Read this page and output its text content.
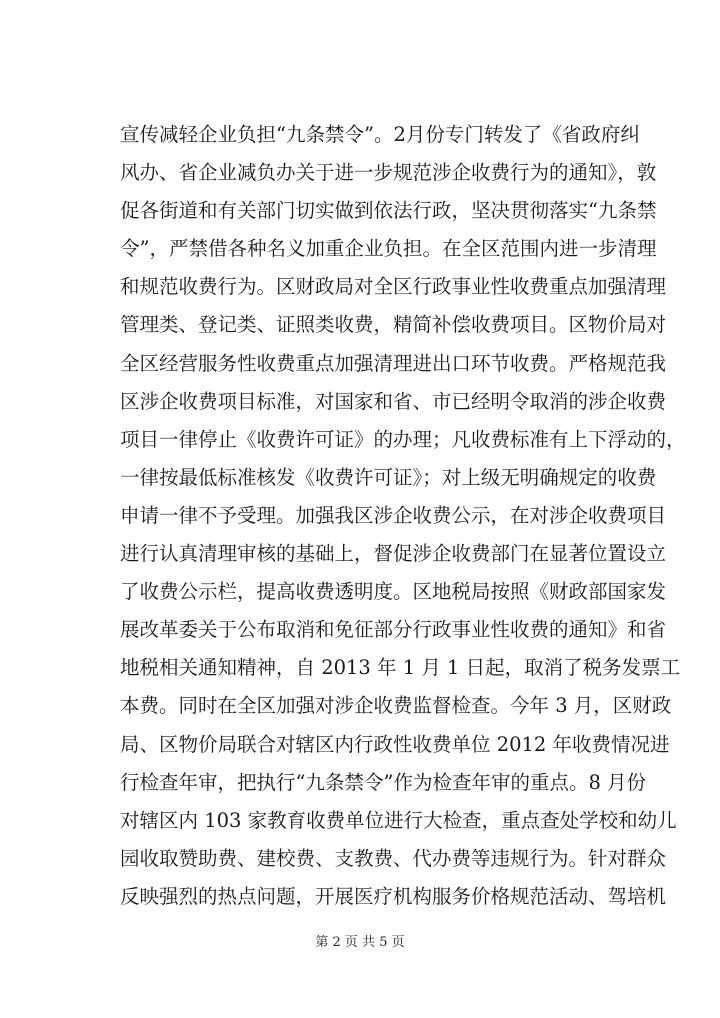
宣传减轻企业负担“九条禁令”。2月份专门转发了《省政府纠
风办、省企业减负办关于进一步规范涉企收费行为的通知》，敦
促各街道和有关部门切实做到依法行政，坚决贯彻落实“九条禁
令”，严禁借各种名义加重企业负担。在全区范围内进一步清理
和规范收费行为。区财政局对全区行政事业性收费重点加强清理
管理类、登记类、证照类收费，精简补偿收费项目。区物价局对
全区经营服务性收费重点加强清理进出口环节收费。严格规范我
区涉企收费项目标准，对国家和省、市已经明令取消的涉企收费
项目一律停止《收费许可证》的办理；凡收费标准有上下浮动的，
一律按最低标准核发《收费许可证》；对上级无明确规定的收费
申请一律不予受理。加强我区涉企收费公示，在对涉企收费项目
进行认真清理审核的基础上，督促涉企收费部门在显著位置设立
了收费公示栏，提高收费透明度。区地税局按照《财政部国家发
展改革委关于公布取消和免征部分行政事业性收费的通知》和省
地税相关通知精神，自 2013 年 1 月 1 日起，取消了税务发票工
本费。同时在全区加强对涉企收费监督检查。今年 3 月，区财政
局、区物价局联合对辖区内行政性收费单位 2012 年收费情况进
行检查年审，把执行“九条禁令”作为检查年审的重点。8 月份
对辖区内 103 家教育收费单位进行大检查，重点查处学校和幼儿
园收取赞助费、建校费、支教费、代办费等违规行为。针对群众
反映强烈的热点问题，开展医疗机构服务价格规范活动、驾培机
第 2 页 共 5 页
